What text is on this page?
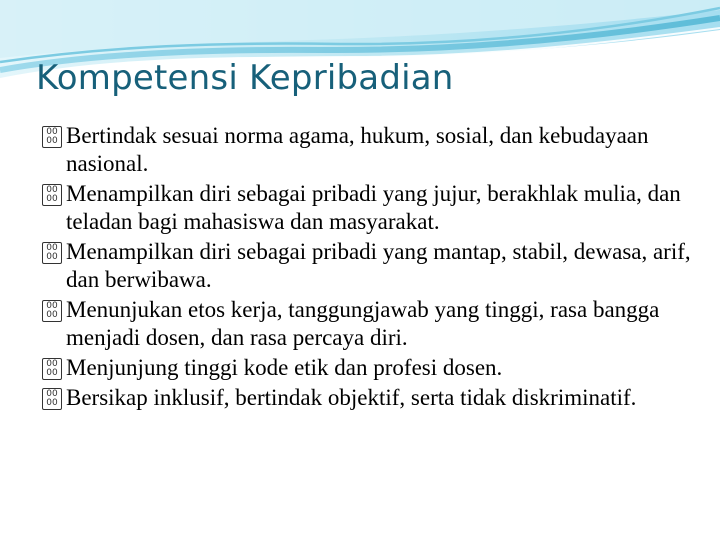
Kompetensi Kepribadian
00
00 Bertindak sesuai norma agama, hukum, sosial, dan kebudayaan nasional.
00
00 Menampilkan diri sebagai pribadi yang jujur, berakhlak mulia, dan teladan bagi mahasiswa dan masyarakat.
00
00 Menampilkan diri sebagai pribadi yang mantap, stabil, dewasa, arif, dan berwibawa.
00
00 Menunjukan etos kerja, tanggungjawab yang tinggi, rasa bangga menjadi dosen, dan rasa percaya diri.
00
00 Menjunjung tinggi kode etik dan profesi dosen.
00
00 Bersikap inklusif, bertindak objektif, serta tidak diskriminatif.
